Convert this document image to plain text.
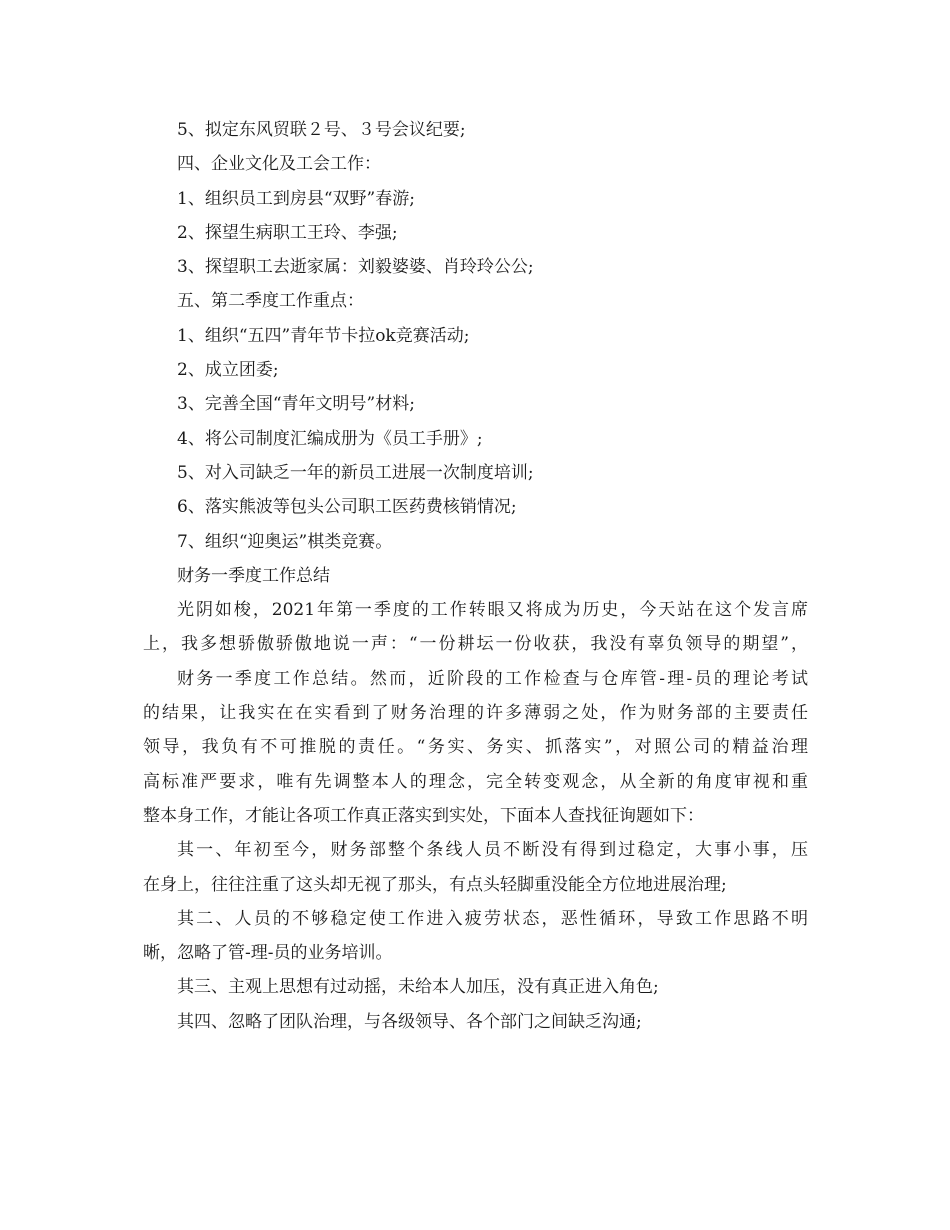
5、拟定东风贸联２号、３号会议纪要;

四、企业文化及工会工作：

1、组织员工到房县“双野”春游;

2、探望生病职工王玲、李强;

3、探望职工去逝家属：刘毅婆婆、肖玲玲公公;

五、第二季度工作重点：

1、组织“五四”青年节卡拉ok竞赛活动;

2、成立团委;

3、完善全国“青年文明号”材料;

4、将公司制度汇编成册为《员工手册》;

5、对入司缺乏一年的新员工进展一次制度培训;

6、落实熊波等包头公司职工医药费核销情况;

7、组织“迎奥运”棋类竞赛。

财务一季度工作总结

光阴如梭，2021年第一季度的工作转眼又将成为历史，今天站在这个发言席

上，我多想骄傲骄傲地说一声：“一份耕坛一份收获，我没有辜负领导的期望”，

财务一季度工作总结。然而，近阶段的工作检查与仓库管-理-员的理论考试

的结果，让我实在在实看到了财务治理的许多薄弱之处，作为财务部的主要责任

领导，我负有不可推脱的责任。“务实、务实、抓落实”，对照公司的精益治理

高标准严要求，唯有先调整本人的理念，完全转变观念，从全新的角度审视和重

整本身工作，才能让各项工作真正落实到实处，下面本人查找征询题如下：

其一、年初至今，财务部整个条线人员不断没有得到过稳定，大事小事，压

在身上，往往注重了这头却无视了那头，有点头轻脚重没能全方位地进展治理;

其二、人员的不够稳定使工作进入疲劳状态，恶性循环，导致工作思路不明

晰，忽略了管-理-员的业务培训。

其三、主观上思想有过动摇，未给本人加压，没有真正进入角色;

其四、忽略了团队治理，与各级领导、各个部门之间缺乏沟通;
